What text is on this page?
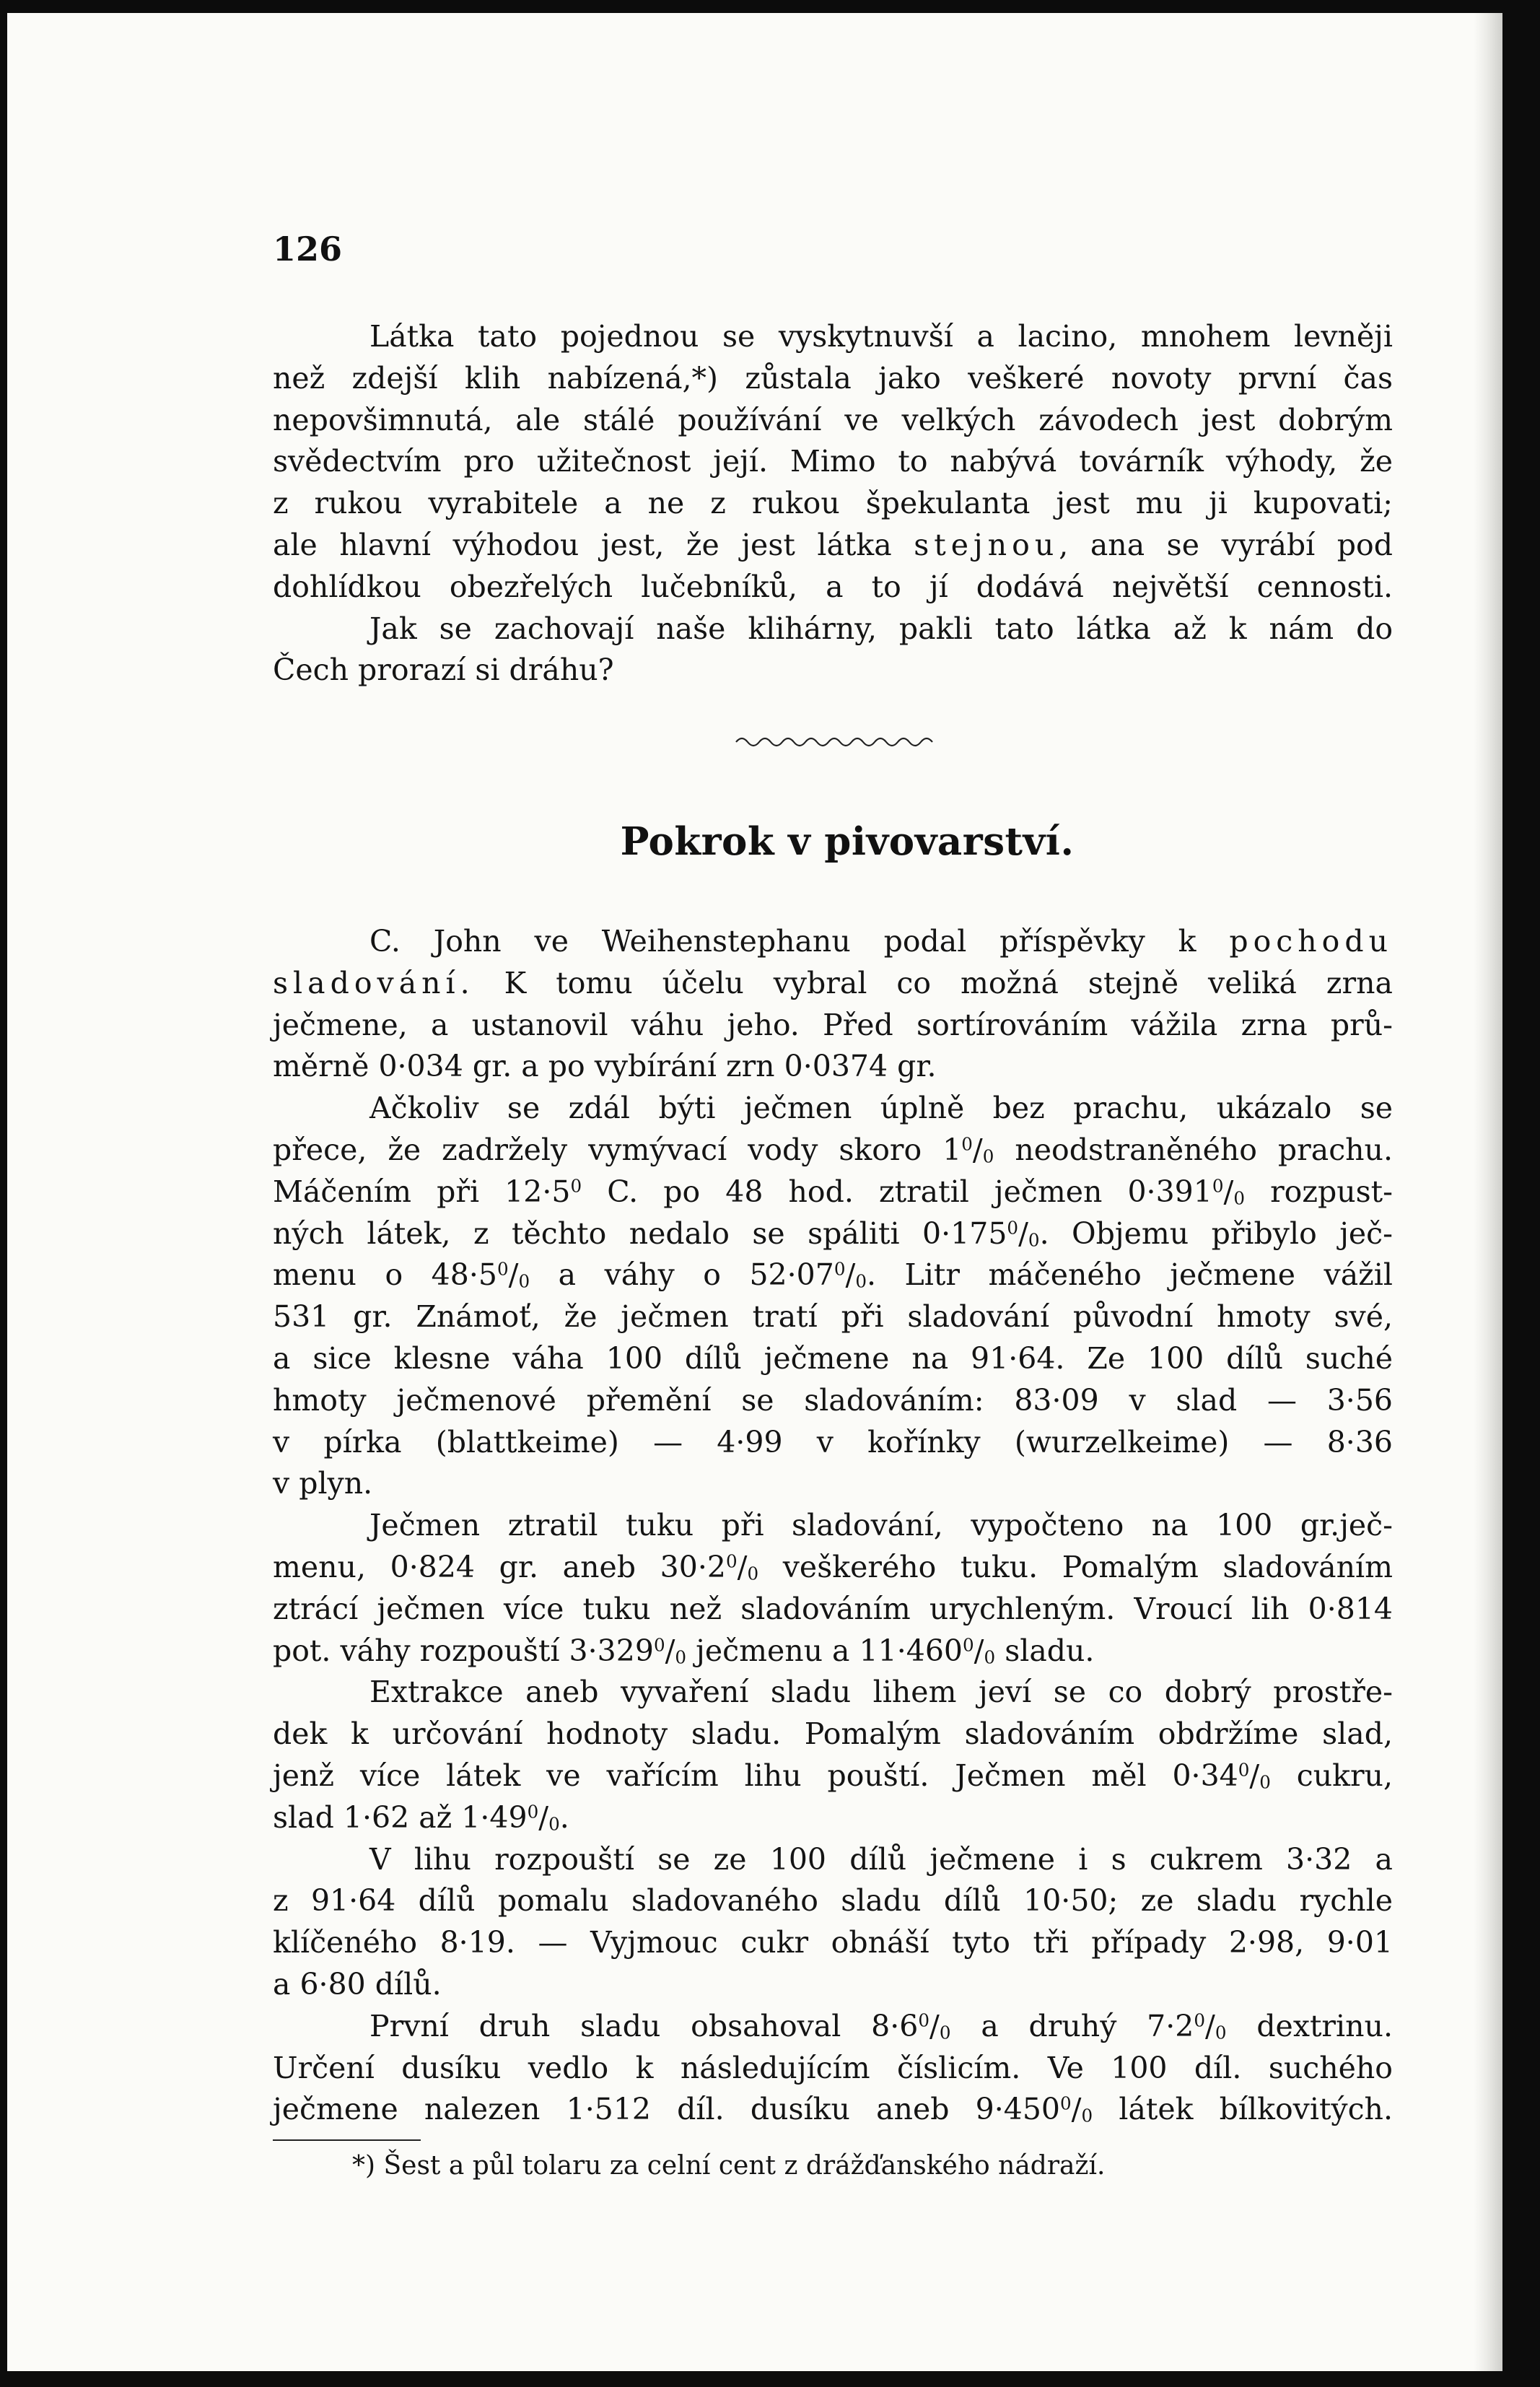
126
Látka tato pojednou se vyskytnuvší a lacino, mnohem levněji
než zdejší klih nabízená,*) zůstala jako veškeré novoty první čas
nepovšimnutá, ale stálé používání ve velkých závodech jest dobrým
svědectvím pro užitečnost její. Mimo to nabývá továrník výhody, že
z rukou vyrabitele a ne z rukou špekulanta jest mu ji kupovati;
ale hlavní výhodou jest, že jest látka stejnou, ana se vyrábí pod
dohlídkou obezřelých lučebníků, a to jí dodává největší cennosti.
Jak se zachovají naše klihárny, pakli tato látka až k nám do
Čech prorazí si dráhu?
Pokrok v pivovarství.
C. John ve Weihenstephanu podal příspěvky k pochodu
sladování. K tomu účelu vybral co možná stejně veliká zrna
ječmene, a ustanovil váhu jeho. Před sortírováním vážila zrna prů-
měrně 0·034 gr. a po vybírání zrn 0·0374 gr.
Ačkoliv se zdál býti ječmen úplně bez prachu, ukázalo se
přece, že zadržely vymývací vody skoro $1^0/_0$ neodstraněného prachu.
Máčením při $12\cdot 5^0$ C. po 48 hod. ztratil ječmen $0\cdot 391^0/_0$ rozpust-
ných látek, z těchto nedalo se spáliti $0\cdot 175^0/_0$. Objemu přibylo ječ-
menu o $48\cdot 5^0/_0$ a váhy o $52\cdot 07^0/_0$. Litr máčeného ječmene vážil
531 gr. Známoť, že ječmen tratí při sladování původní hmoty své,
a sice klesne váha 100 dílů ječmene na 91·64. Ze 100 dílů suché
hmoty ječmenové přemění se sladováním: 83·09 v slad — 3·56
v pírka (blattkeime) — 4·99 v kořínky (wurzelkeime) — 8·36
v plyn.
Ječmen ztratil tuku při sladování, vypočteno na 100 gr.ječ-
menu, 0·824 gr. aneb $30\cdot 2^0/_0$ veškerého tuku. Pomalým sladováním
ztrácí ječmen více tuku než sladováním urychleným. Vroucí lih 0·814
pot. váhy rozpouští $3\cdot 329^0/_0$ ječmenu a $11\cdot 460^0/_0$ sladu.
Extrakce aneb vyvaření sladu lihem jeví se co dobrý prostře-
dek k určování hodnoty sladu. Pomalým sladováním obdržíme slad,
jenž více látek ve vařícím lihu pouští. Ječmen měl $0\cdot 34^0/_0$ cukru,
slad 1·62 až $1\cdot 49^0/_0$.
V lihu rozpouští se ze 100 dílů ječmene i s cukrem 3·32 a
z 91·64 dílů pomalu sladovaného sladu dílů 10·50; ze sladu rychle
klíčeného 8·19. — Vyjmouc cukr obnáší tyto tři případy 2·98, 9·01
a 6·80 dílů.
První druh sladu obsahoval $8\cdot 6^0/_0$ a druhý $7\cdot 2^0/_0$ dextrinu.
Určení dusíku vedlo k následujícím číslicím. Ve 100 díl. suchého
ječmene nalezen 1·512 díl. dusíku aneb $9\cdot 450^0/_0$ látek bílkovitých.
*) Šest a půl tolaru za celní cent z drážďanského nádraží.
